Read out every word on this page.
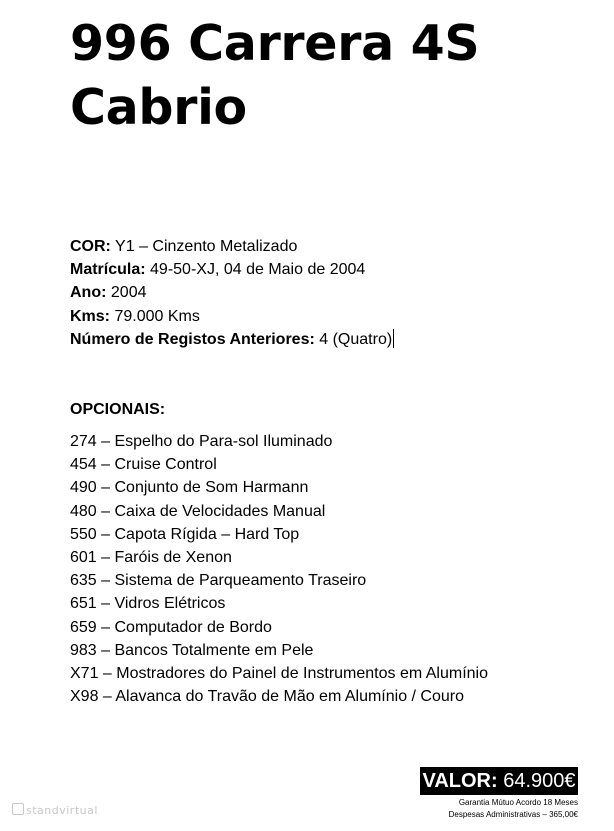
996 Carrera 4S
Cabrio
COR: Y1 – Cinzento Metalizado
Matrícula: 49-50-XJ, 04 de Maio de 2004
Ano: 2004
Kms: 79.000 Kms
Número de Registos Anteriores: 4 (Quatro)
OPCIONAIS:
274 – Espelho do Para-sol Iluminado
454 – Cruise Control
490 – Conjunto de Som Harmann
480 – Caixa de Velocidades Manual
550 – Capota Rígida – Hard Top
601 – Faróis de Xenon
635 – Sistema de Parqueamento Traseiro
651 – Vidros Elétricos
659 – Computador de Bordo
983 – Bancos Totalmente em Pele
X71 – Mostradores do Painel de Instrumentos em Alumínio
X98 – Alavanca do Travão de Mão em Alumínio / Couro
standvirtual
VALOR: 64.900€
Garantia Mútuo Acordo 18 Meses
Despesas Administrativas – 365,00€
